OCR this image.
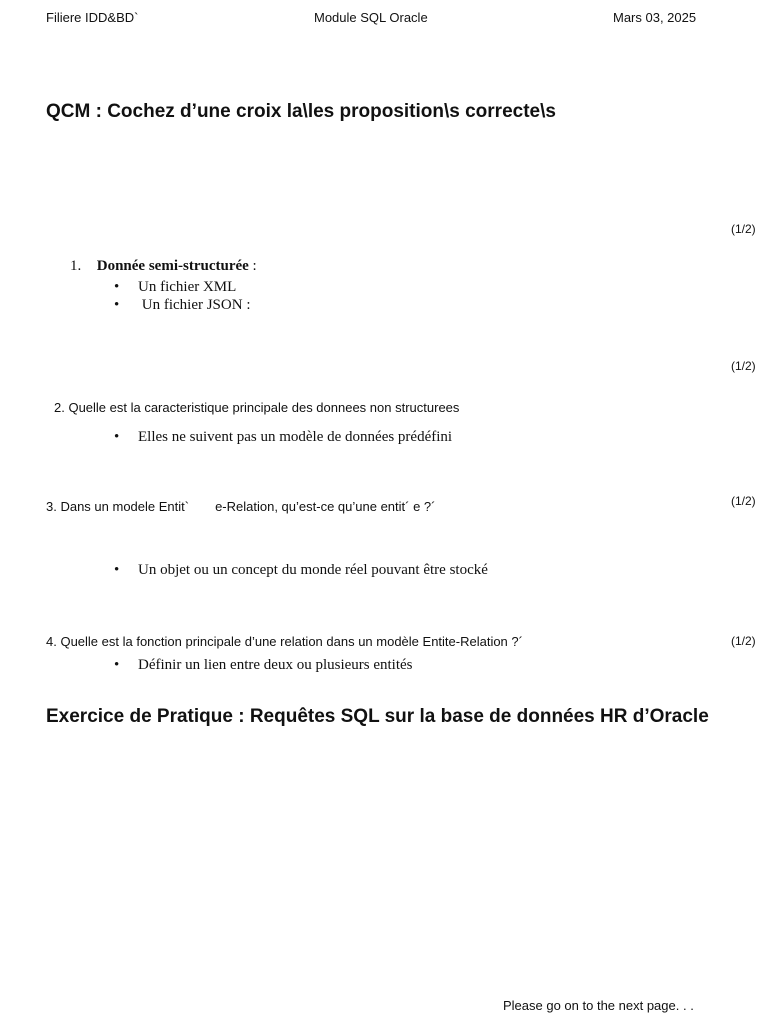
Filiere IDD&BD`	Module SQL Oracle	Mars 03, 2025
QCM : Cochez d’une croix la\les proposition\s correcte\s
(1/2)
(1/2)
(1/2)
(1/2)
1. Donnée semi-structurée :
• Un fichier XML
• Un fichier JSON :
2. Quelle est la caracteristique principale des donnees non structurees
• Elles ne suivent pas un modèle de données prédéfini
3. Dans un modele Entit` e-Relation, qu’est-ce qu’une entit´ e ?´
• Un objet ou un concept du monde réel pouvant être stocké
4. Quelle est la fonction principale d’une relation dans un modèle Entite-Relation ?´
• Définir un lien entre deux ou plusieurs entités
Exercice de Pratique : Requêtes SQL sur la base de données HR d’Oracle
Please go on to the next page. . .
